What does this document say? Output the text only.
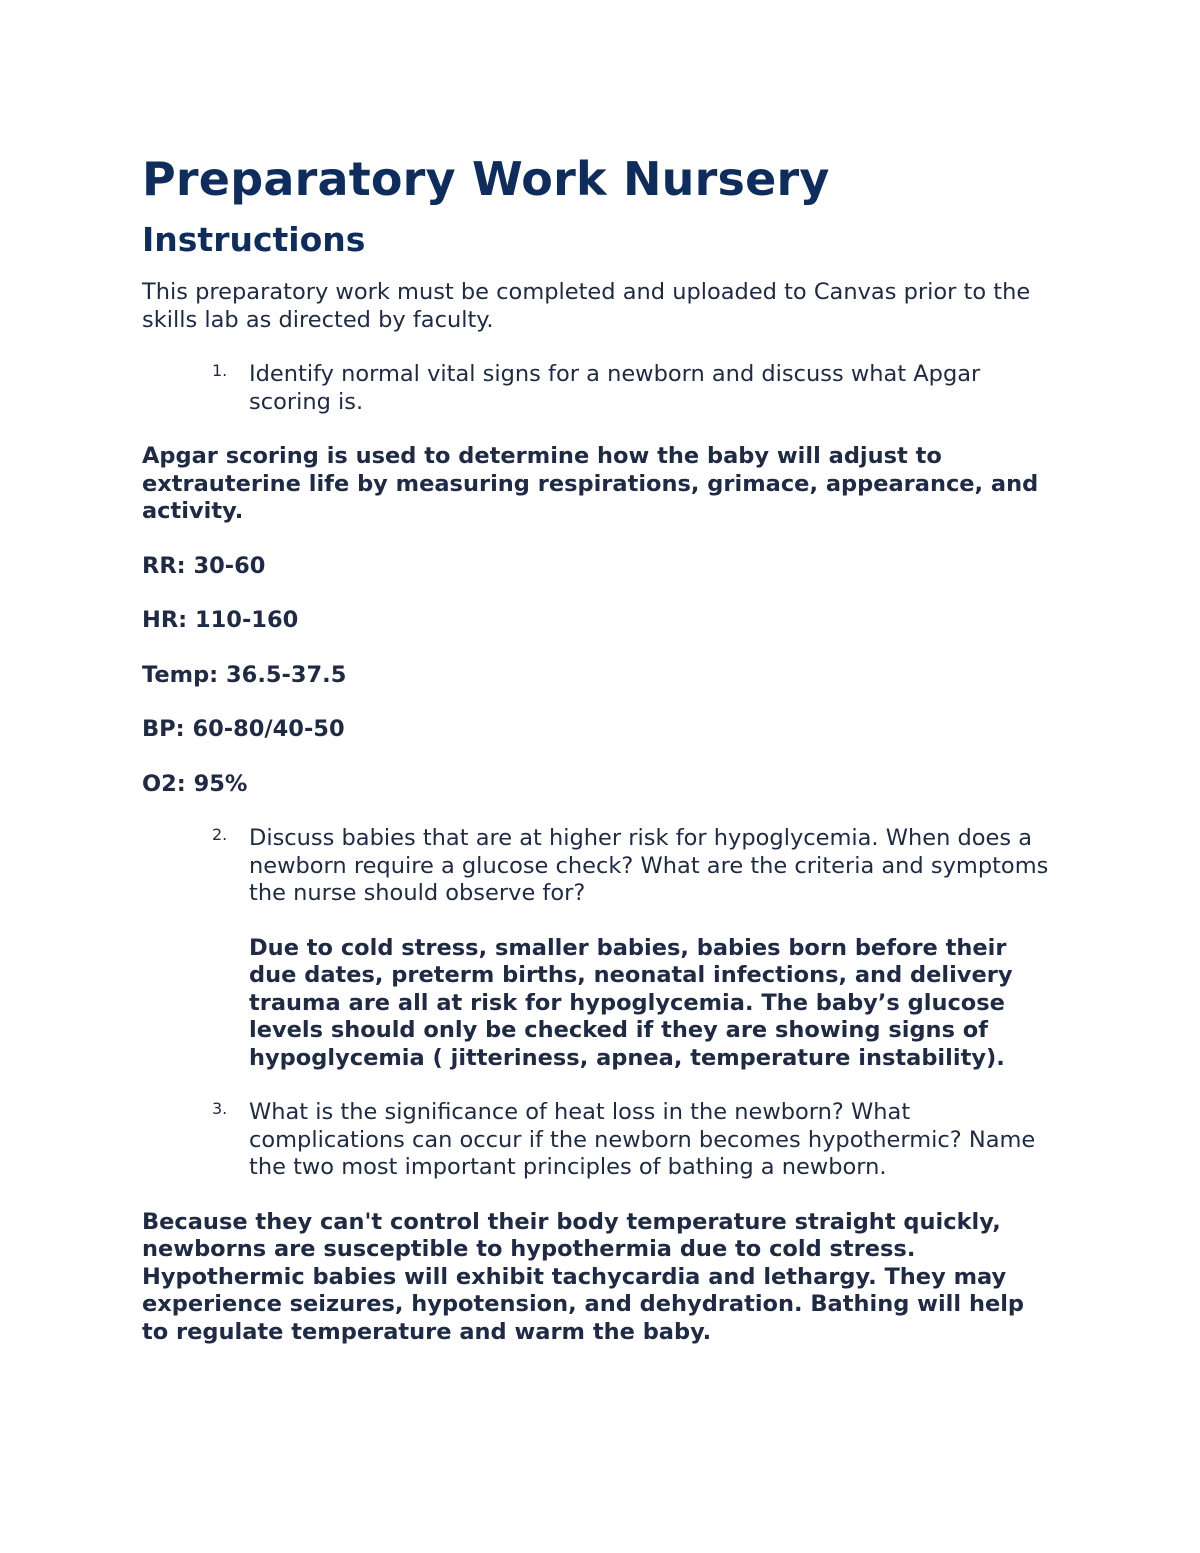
Preparatory Work Nursery
Instructions

This preparatory work must be completed and uploaded to Canvas prior to the skills lab as directed by faculty.

1. Identify normal vital signs for a newborn and discuss what Apgar scoring is.

Apgar scoring is used to determine how the baby will adjust to extrauterine life by measuring respirations, grimace, appearance, and activity.

RR: 30-60

HR: 110-160

Temp: 36.5-37.5

BP: 60-80/40-50

O2: 95%

2. Discuss babies that are at higher risk for hypoglycemia. When does a newborn require a glucose check? What are the criteria and symptoms the nurse should observe for?

Due to cold stress, smaller babies, babies born before their due dates, preterm births, neonatal infections, and delivery trauma are all at risk for hypoglycemia. The baby’s glucose levels should only be checked if they are showing signs of hypoglycemia ( jitteriness, apnea, temperature instability).

3. What is the significance of heat loss in the newborn? What complications can occur if the newborn becomes hypothermic? Name the two most important principles of bathing a newborn.

Because they can't control their body temperature straight quickly, newborns are susceptible to hypothermia due to cold stress. Hypothermic babies will exhibit tachycardia and lethargy. They may experience seizures, hypotension, and dehydration. Bathing will help to regulate temperature and warm the baby.
